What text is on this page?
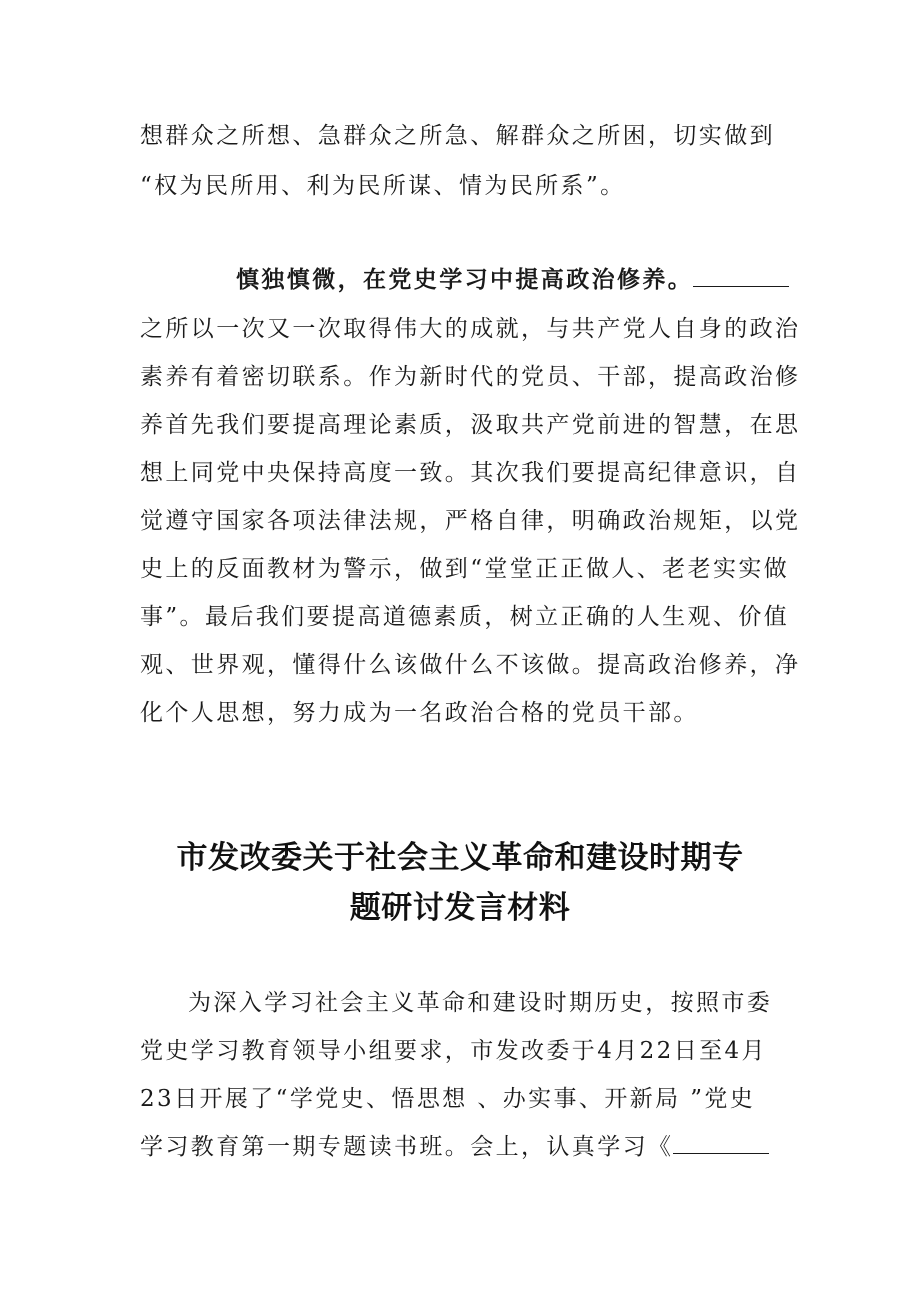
想群众之所想、急群众之所急、解群众之所困，切实做到
“权为民所用、利为民所谋、情为民所系”。
慎独慎微，在党史学习中提高政治修养。
之所以一次又一次取得伟大的成就，与共产党人自身的政治
素养有着密切联系。作为新时代的党员、干部，提高政治修
养首先我们要提高理论素质，汲取共产党前进的智慧，在思
想上同党中央保持高度一致。其次我们要提高纪律意识，自
觉遵守国家各项法律法规，严格自律，明确政治规矩，以党
史上的反面教材为警示，做到“堂堂正正做人、老老实实做
事”。最后我们要提高道德素质，树立正确的人生观、价值
观、世界观，懂得什么该做什么不该做。提高政治修养，净
化个人思想，努力成为一名政治合格的党员干部。
市发改委关于社会主义革命和建设时期专
题研讨发言材料
为深入学习社会主义革命和建设时期历史，按照市委
党史学习教育领导小组要求，市发改委于4月22日至4月
23日开展了“学党史、悟思想 、办实事、开新局 ”党史
学习教育第一期专题读书班。会上，认真学习《
